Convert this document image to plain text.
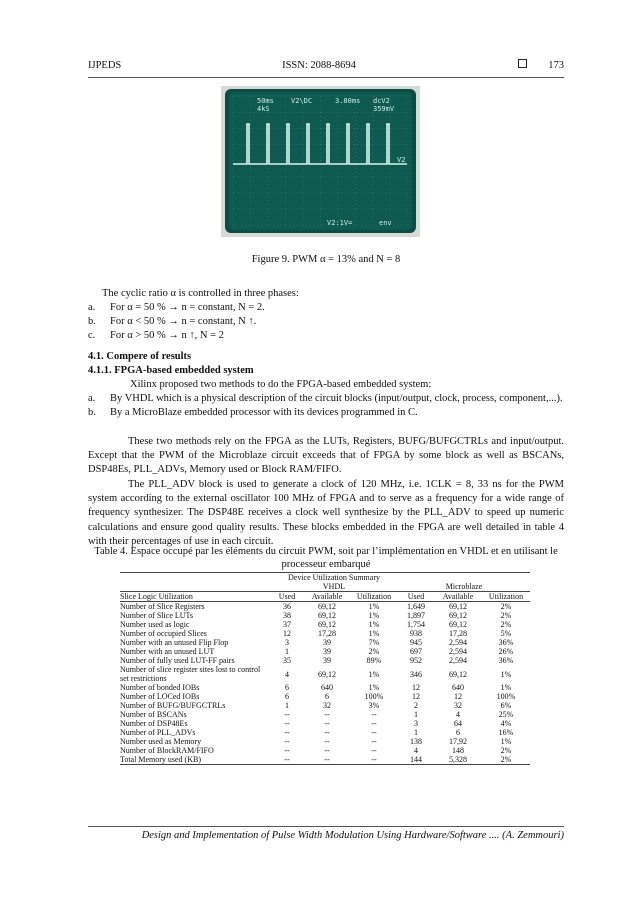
IJPEDS	ISSN: 2088-8694	173
50ms V2\DC	3.80ms dcV2
4kS	359mV
V2
V2:1V=	env
Figure 9. PWM α = 13% and N = 8
The cyclic ratio α is controlled in three phases:
a. For α = 50 % → n = constant, N = 2.
b. For α < 50 % → n = constant, N ↑.
c. For α > 50 % → n ↑, N = 2
4.1. Compere of results
4.1.1. FPGA-based embedded system
Xilinx proposed two methods to do the FPGA-based embedded system:
a.	By VHDL which is a physical description of the circuit blocks (input/output, clock, process, component,...).
b.	By a MicroBlaze embedded processor with its devices programmed in C.
These two methods rely on the FPGA as the LUTs, Registers, BUFG/BUFGCTRLs and input/output. Except that the PWM of the Microblaze circuit exceeds that of FPGA by some block as well as BSCANs, DSP48Es, PLL_ADVs, Memory used or Block RAM/FIFO.
The PLL_ADV block is used to generate a clock of 120 MHz, i.e. 1CLK = 8, 33 ns for the PWM system according to the external oscillator 100 MHz of FPGA and to serve as a frequency for a wide range of frequency synthesizer. The DSP48E receives a clock well synthesize by the PLL_ADV to speed up numeric calculations and ensure good quality results. These blocks embedded in the FPGA are well detailed in table 4 with their percentages of use in each circuit.
Table 4. Espace occupé par les éléments du circuit PWM, soit par l’implémentation en VHDL et en utilisant le processeur embarqué
	Device Utilization Summary					
	VHDL			Microblaze		
Slice Logic Utilization	Used	Available	Utilization	Used	Available	Utilization
Number of Slice Registers	36	69,12	1%	1,649	69,12	2%
Number of Slice LUTs	38	69,12	1%	1,897	69,12	2%
Number used as logic	37	69,12	1%	1,754	69,12	2%
Number of occupied Slices	12	17,28	1%	938	17,28	5%
Number with an unused Flip Flop	3	39	7%	945	2,594	36%
Number with an unused LUT	1	39	2%	697	2,594	26%
Number of fully used LUT-FF pairs	35	39	89%	952	2,594	36%
Number of slice register sites lost to control set restrictions	4	69,12	1%	346	69,12	1%
Number of bonded IOBs	6	640	1%	12	640	1%
Number of LOCed IOBs	6	6	100%	12	12	100%
Number of BUFG/BUFGCTRLs	1	32	3%	2	32	6%
Number of BSCANs	--	--	--	1	4	25%
Number of DSP48Es	--	--	--	3	64	4%
Number of PLL_ADVs	--	--	--	1	6	16%
Number used as Memory	--	--	--	138	17,92	1%
Number of BlockRAM/FIFO	--	--	--	4	148	2%
Total Memory used (KB)	--	--	--	144	5,328	2%
Design and Implementation of Pulse Width Modulation Using Hardware/Software .... (A. Zemmouri)
